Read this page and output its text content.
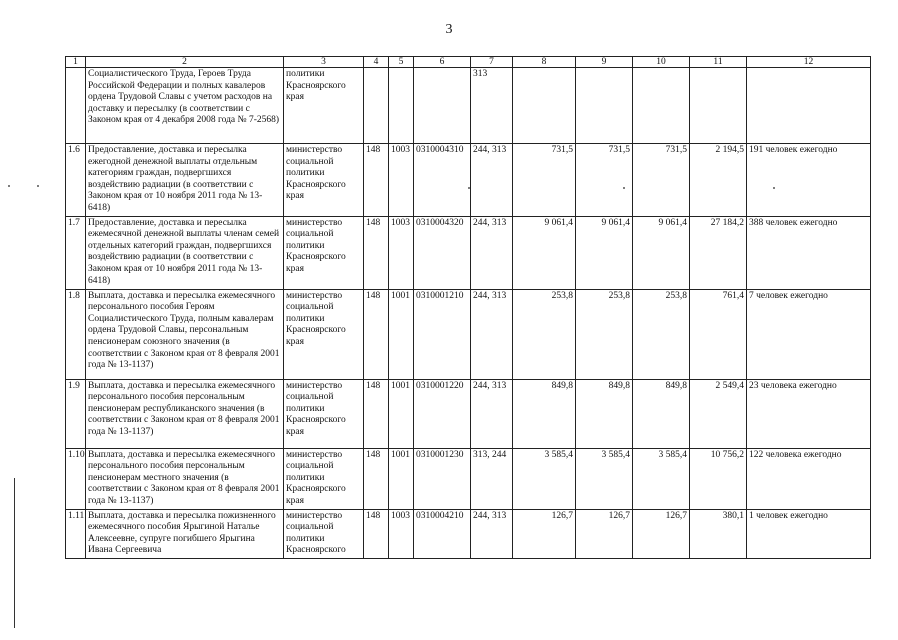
3
1	2	3	4	5	6	7	8	9	10	11	12
	Социалистического Труда, Героев Труда Российской Федерации и полных кавалеров ордена Трудовой Славы с учетом расходов на доставку и пересылку (в соответствии с Законом края от 4 декабря 2008 года № 7-2568)	политики Красноярского края				313					
1.6	Предоставление, доставка и пересылка ежегодной денежной выплаты отдельным категориям граждан, подвергшихся воздействию радиации (в соответствии с Законом края от 10 ноября 2011 года № 13-6418)	министерство социальной политики Красноярского края	148	1003	0310004310	244, 313	731,5	731,5	731,5	2 194,5	191 человек ежегодно
1.7	Предоставление, доставка и пересылка ежемесячной денежной выплаты членам семей отдельных категорий граждан, подвергшихся воздействию радиации (в соответствии с Законом края от 10 ноября 2011 года № 13-6418)	министерство социальной политики Красноярского края	148	1003	0310004320	244, 313	9 061,4	9 061,4	9 061,4	27 184,2	388 человек ежегодно
1.8	Выплата, доставка и пересылка ежемесячного персонального пособия Героям Социалистического Труда, полным кавалерам ордена Трудовой Славы, персональным пенсионерам союзного значения (в соответствии с Законом края от 8 февраля 2001 года № 13-1137)	министерство социальной политики Красноярского края	148	1001	0310001210	244, 313	253,8	253,8	253,8	761,4	7 человек ежегодно
1.9	Выплата, доставка и пересылка ежемесячного персонального пособия персональным пенсионерам республиканского значения (в соответствии с Законом края от 8 февраля 2001 года № 13-1137)	министерство социальной политики Красноярского края	148	1001	0310001220	244, 313	849,8	849,8	849,8	2 549,4	23 человека ежегодно
1.10	Выплата, доставка и пересылка ежемесячного персонального пособия персональным пенсионерам местного значения (в соответствии с Законом края от 8 февраля 2001 года № 13-1137)	министерство социальной политики Красноярского края	148	1001	0310001230	313, 244	3 585,4	3 585,4	3 585,4	10 756,2	122 человека ежегодно
1.11	Выплата, доставка и пересылка пожизненного ежемесячного пособия Ярыгиной Наталье Алексеевне, супруге погибшего Ярыгина Ивана Сергеевича	министерство социальной политики Красноярского	148	1003	0310004210	244, 313	126,7	126,7	126,7	380,1	1 человек ежегодно
